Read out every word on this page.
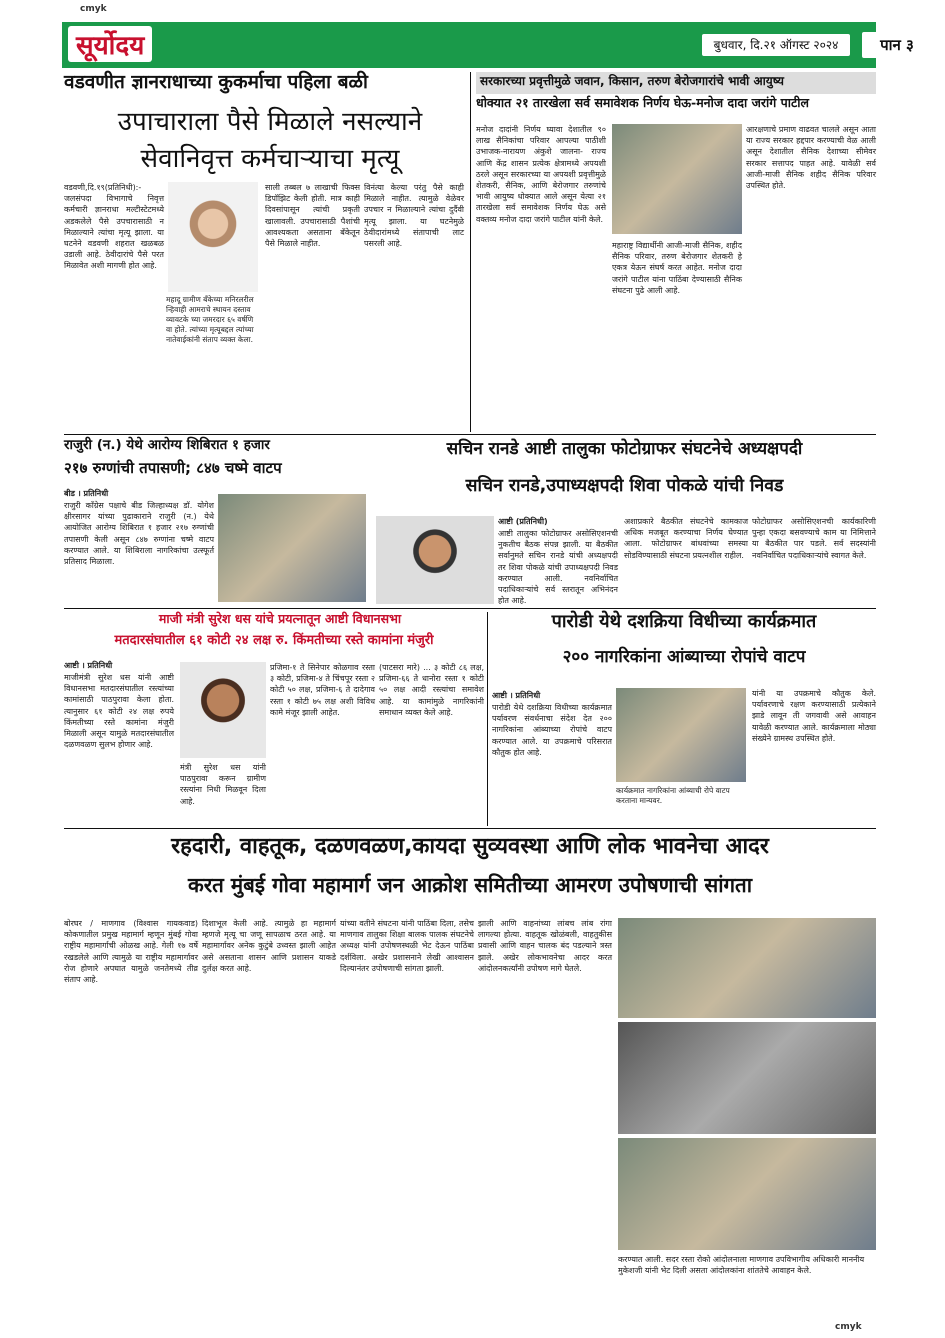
cmyk
cmyk
सूर्योदय	बुधवार, दि.२१ ऑगस्ट २०२४	पान ३
वडवणीत ज्ञानराधाच्या कुकर्माचा पहिला बळी
उपाचाराला पैसे मिळाले नसल्याने
सेवानिवृत्त कर्मचाऱ्याचा मृत्यू
महादू ग्रामीण बँकेच्या मनिरलरील न्हिवाही आमराचे स्थायन दस्ताव व्यावटके च्या जमरदार ६५ वर्षणि वा होते. त्यांच्या मृत्यूबद्दल त्यांच्या नातेवाईकांनी संताप व्यक्त केला.
वडवणी,दि.१९(प्रतिनिधी):- जलसंपदा विभागाचे निवृत्त कर्मचारी ज्ञानराधा मल्टीस्टेटमध्ये अडकलेले पैसे उपचारासाठी न मिळाल्याने त्यांचा मृत्यू झाला. या घटनेने वडवणी शहरात खळबळ उडाली आहे. ठेवीदारांचे पैसे परत मिळावेत अशी मागणी होत आहे.
साली तब्बल ७ लाखाची फिक्स डिपॉझिट केली होती. मात्र काही दिवसांपासून त्यांची प्रकृती खालावली. उपचारासाठी पैशांची आवश्यकता असताना बँकेतून पैसे मिळाले नाहीत.
विनंत्या केल्या परंतु पैसे काही मिळाले नाहीत. त्यामुळे वेळेवर उपचार न मिळाल्याने त्यांचा दुर्दैवी मृत्यू झाला. या घटनेमुळे ठेवीदारांमध्ये संतापाची लाट पसरली आहे.
सरकारच्या प्रवृत्तीमुळे जवान, किसान, तरुण बेरोजगारांचे भावी आयुष्य
धोक्यात २१ तारखेला सर्व समावेशक निर्णय घेऊ-मनोज दादा जरांगे पाटील
मनोज दादांनी निर्णय घ्यावा देशातील ९० लाख सैनिकांचा परिवार आपल्या पाठीशी उभाजक-नारायण अंकुशे जालना- राज्य आणि केंद्र शासन प्रत्येक क्षेत्रामध्ये अपयशी ठरले असून सरकारच्या या अपयशी प्रवृत्तीमुळे शेतकरी, सैनिक, आणि बेरोजगार तरुणांचे भावी आयुष्य धोक्यात आले असून येत्या २१ तारखेला सर्व समावेशक निर्णय घेऊ असे वक्तव्य मनोज दादा जरांगे पाटील यांनी केले.
महाराष्ट्र विद्यार्थीनी आजी-माजी सैनिक, शहीद सैनिक परिवार, तरुण बेरोजगार शेतकरी हे एकत्र येऊन संघर्ष करत आहेत. मनोज दादा जरांगे पाटील यांना पाठिंबा देण्यासाठी सैनिक संघटना पुढे आली आहे.
आरक्षणाचे प्रमाण वाढवत चालले असून आता या राज्य सरकार हद्दपार करण्याची वेळ आली असून देशातील सैनिक देशाच्या सीमेवर सरकार सत्तापद पाहत आहे. यावेळी सर्व आजी-माजी सैनिक शहीद सैनिक परिवार उपस्थित होते.
राजुरी (न.) येथे आरोग्य शिबिरात १ हजार
२१७ रुग्णांची तपासणी; ८४७ चष्मे वाटप
बीड । प्रतिनिधी
राजुरी काँग्रेस पक्षाचे बीड जिल्हाध्यक्ष डॉ. योगेश क्षीरसागर यांच्या पुढाकाराने राजुरी (न.) येथे आयोजित आरोग्य शिबिरात १ हजार २१७ रुग्णांची तपासणी केली असून ८४७ रुग्णांना चष्मे वाटप करण्यात आले. या शिबिराला नागरिकांचा उत्स्फूर्त प्रतिसाद मिळाला.
सचिन रानडे आष्टी तालुका फोटोग्राफर संघटनेचे अध्यक्षपदी
सचिन रानडे,उपाध्यक्षपदी शिवा पोकळे यांची निवड
आष्टी (प्रतिनिधी)
आष्टी तालुका फोटोग्राफर असोसिएशनची नुकतीच बैठक संपन्न झाली. या बैठकीत सर्वानुमते सचिन रानडे यांची अध्यक्षपदी तर शिवा पोकळे यांची उपाध्यक्षपदी निवड करण्यात आली. नवनिर्वाचित पदाधिकाऱ्यांचे सर्व स्तरातून अभिनंदन होत आहे.
अशाप्रकारे बैठकीत संघटनेचे कामकाज अधिक मजबूत करण्याचा निर्णय घेण्यात आला. फोटोग्राफर बांधवांच्या समस्या सोडविण्यासाठी संघटना प्रयत्नशील राहील.
फोटोग्राफर असोसिएशनची कार्यकारिणी पुन्हा एकदा बसवण्याचे काम या निमित्ताने या बैठकीत पार पडले. सर्व सदस्यांनी नवनिर्वाचित पदाधिकाऱ्यांचे स्वागत केले.
माजी मंत्री सुरेश धस यांचे प्रयत्नातून आष्टी विधानसभा
मतदारसंघातील ६१ कोटी २४ लक्ष रु. किंमतीच्या रस्ते कामांना मंजुरी
आष्टी । प्रतिनिधी
माजीमंत्री सुरेश धस यांनी आष्टी विधानसभा मतदारसंघातील रस्त्यांच्या कामांसाठी पाठपुरावा केला होता. त्यानुसार ६१ कोटी २४ लक्ष रुपये किंमतीच्या रस्ते कामांना मंजुरी मिळाली असून यामुळे मतदारसंघातील दळणवळण सुलभ होणार आहे.
मंत्री सुरेश धस यांनी पाठपुरावा करून ग्रामीण रस्त्यांना निधी मिळवून दिला आहे.
प्रजिमा-१ ते सिनेपार कोळगाव रस्ता ३ कोटी, प्रजिमा-४ ते चिंचपूर रस्ता २ कोटी ५० लक्ष, प्रजिमा-६ ते दादेगाव रस्ता १ कोटी ७५ लक्ष अशी विविध कामे मंजूर झाली आहेत.
(पाटसरा मारे) ... ३ कोटी ८६ लक्ष, प्रजिमा-६६ ते धानोरा रस्ता १ कोटी ५० लक्ष आदी रस्त्यांचा समावेश आहे. या कामांमुळे नागरिकांनी समाधान व्यक्त केले आहे.
पारोडी येथे दशक्रिया विधीच्या कार्यक्रमात
२०० नागरिकांना आंब्याच्या रोपांचे वाटप
आष्टी । प्रतिनिधी
पारोडी येथे दशक्रिया विधीच्या कार्यक्रमात पर्यावरण संवर्धनाचा संदेश देत २०० नागरिकांना आंब्याच्या रोपांचे वाटप करण्यात आले. या उपक्रमाचे परिसरात कौतुक होत आहे.
कार्यक्रमात नागरिकांना आंब्याची रोपे वाटप करताना मान्यवर.
यांनी या उपक्रमाचे कौतुक केले. पर्यावरणाचे रक्षण करण्यासाठी प्रत्येकाने झाडे लावून ती जगवावी असे आवाहन यावेळी करण्यात आले. कार्यक्रमाला मोठ्या संख्येने ग्रामस्थ उपस्थित होते.
रहदारी, वाहतूक, दळणवळण,कायदा सुव्यवस्था आणि लोक भावनेचा आदर
करत मुंबई गोवा महामार्ग जन आक्रोश समितीच्या आमरण उपोषणाची सांगता
बोरघर / माणगाव (विश्वास गायकवाड) कोकणातील प्रमुख महामार्ग म्हणून मुंबई गोवा राष्ट्रीय महामार्गाची ओळख आहे. गेली १७ वर्षे रखडलेले आणि त्यामुळे या राष्ट्रीय महामार्गावर रोज होणारे अपघात यामुळे जनतेमध्ये तीव्र संताप आहे.
दिशाभूल केली आहे. त्यामुळे हा महामार्ग म्हणजे मृत्यू चा जणू सापळाच ठरत आहे. या महामार्गावर अनेक कुटुंबे उध्वस्त झाली आहेत असे असताना शासन आणि प्रशासन याकडे दुर्लक्ष करत आहे.
यांच्या वतीने संघटना यांनी पाठिंबा दिला, तसेच माणगाव तालुका शिक्षा बालक पालक संघटनेचे अध्यक्ष यांनी उपोषणस्थळी भेट देऊन पाठिंबा दर्शविला. अखेर प्रशासनाने लेखी आश्वासन दिल्यानंतर उपोषणाची सांगता झाली.
झाली आणि वाहनांच्या लांबच लांब रांगा लागल्या होत्या. वाहतूक खोळंबली, वाहतुकीस प्रवासी आणि वाहन चालक बंद पडल्याने त्रस्त झाले. अखेर लोकभावनेचा आदर करत आंदोलनकर्त्यांनी उपोषण मागे घेतले.
करण्यात आली. सदर रस्ता रोको आंदोलनाला माणगाव उपविभागीय अधिकारी माननीय मुकेशजी यांनी भेट दिली असता आंदोलकांना शांततेचे आवाहन केले.
